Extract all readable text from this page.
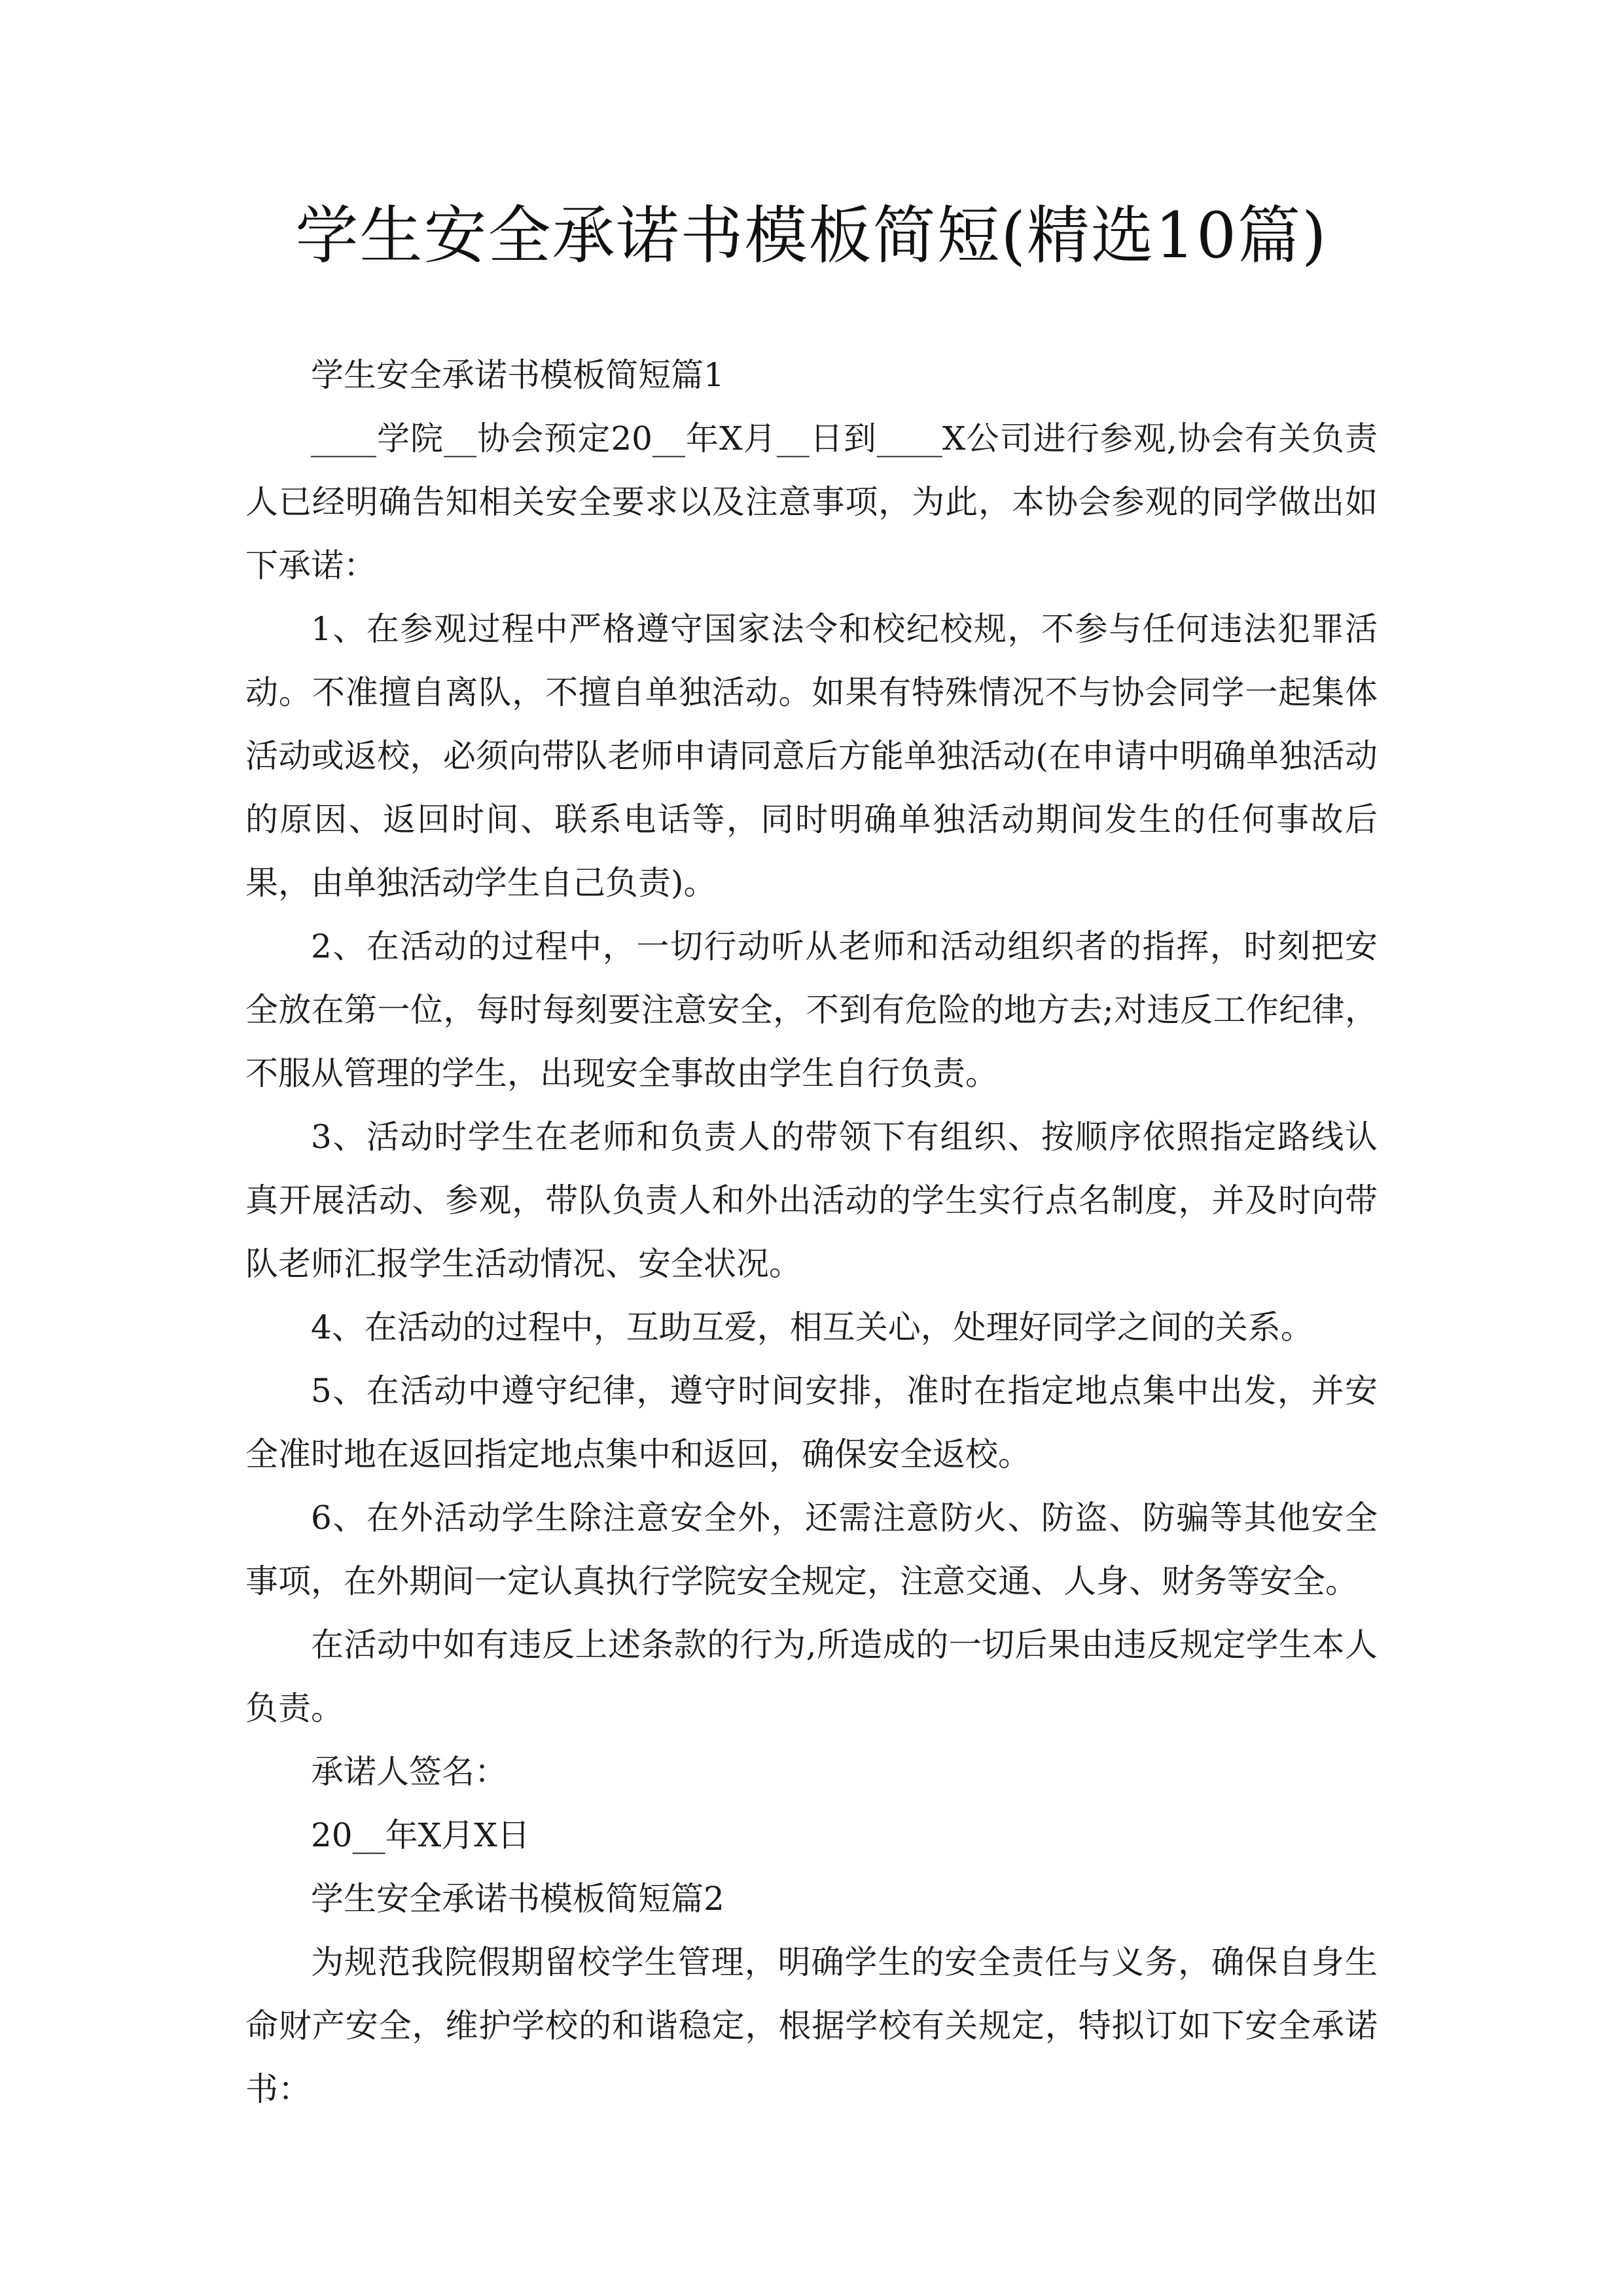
学生安全承诺书模板简短(精选10篇)

学生安全承诺书模板简短篇1

____学院__协会预定20__年X月__日到____X公司进行参观,协会有关负责人已经明确告知相关安全要求以及注意事项，为此，本协会参观的同学做出如下承诺：

1、在参观过程中严格遵守国家法令和校纪校规，不参与任何违法犯罪活动。不准擅自离队，不擅自单独活动。如果有特殊情况不与协会同学一起集体活动或返校，必须向带队老师申请同意后方能单独活动(在申请中明确单独活动的原因、返回时间、联系电话等，同时明确单独活动期间发生的任何事故后果，由单独活动学生自己负责)。

2、在活动的过程中，一切行动听从老师和活动组织者的指挥，时刻把安全放在第一位，每时每刻要注意安全，不到有危险的地方去;对违反工作纪律，不服从管理的学生，出现安全事故由学生自行负责。

3、活动时学生在老师和负责人的带领下有组织、按顺序依照指定路线认真开展活动、参观，带队负责人和外出活动的学生实行点名制度，并及时向带队老师汇报学生活动情况、安全状况。

4、在活动的过程中，互助互爱，相互关心，处理好同学之间的关系。

5、在活动中遵守纪律，遵守时间安排，准时在指定地点集中出发，并安全准时地在返回指定地点集中和返回，确保安全返校。

6、在外活动学生除注意安全外，还需注意防火、防盗、防骗等其他安全事项，在外期间一定认真执行学院安全规定，注意交通、人身、财务等安全。

在活动中如有违反上述条款的行为,所造成的一切后果由违反规定学生本人负责。

承诺人签名：

20__年X月X日

学生安全承诺书模板简短篇2

为规范我院假期留校学生管理，明确学生的安全责任与义务，确保自身生命财产安全，维护学校的和谐稳定，根据学校有关规定，特拟订如下安全承诺书：
